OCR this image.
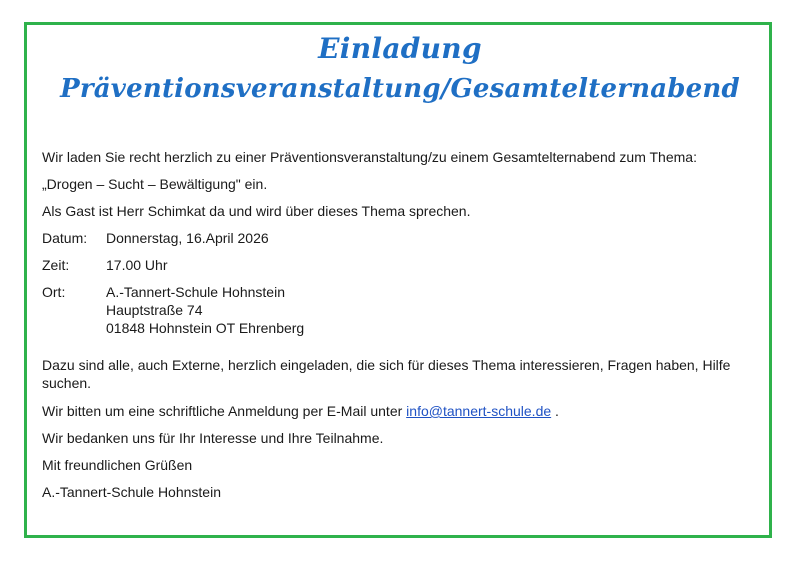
Einladung
Präventionsveranstaltung/Gesamtelternabend

Wir laden Sie recht herzlich zu einer Präventionsveranstaltung/zu einem Gesamtelternabend zum Thema:

„Drogen – Sucht – Bewältigung" ein.

Als Gast ist Herr Schimkat da und wird über dieses Thema sprechen.

Datum:	Donnerstag, 16.April 2026
Zeit:	17.00 Uhr
Ort:	A.-Tannert-Schule Hohnstein
Hauptstraße 74
01848 Hohnstein OT Ehrenberg

Dazu sind alle, auch Externe, herzlich eingeladen, die sich für dieses Thema interessieren, Fragen haben, Hilfe suchen.

Wir bitten um eine schriftliche Anmeldung per E-Mail unter info@tannert-schule.de .

Wir bedanken uns für Ihr Interesse und Ihre Teilnahme.

Mit freundlichen Grüßen

A.-Tannert-Schule Hohnstein
